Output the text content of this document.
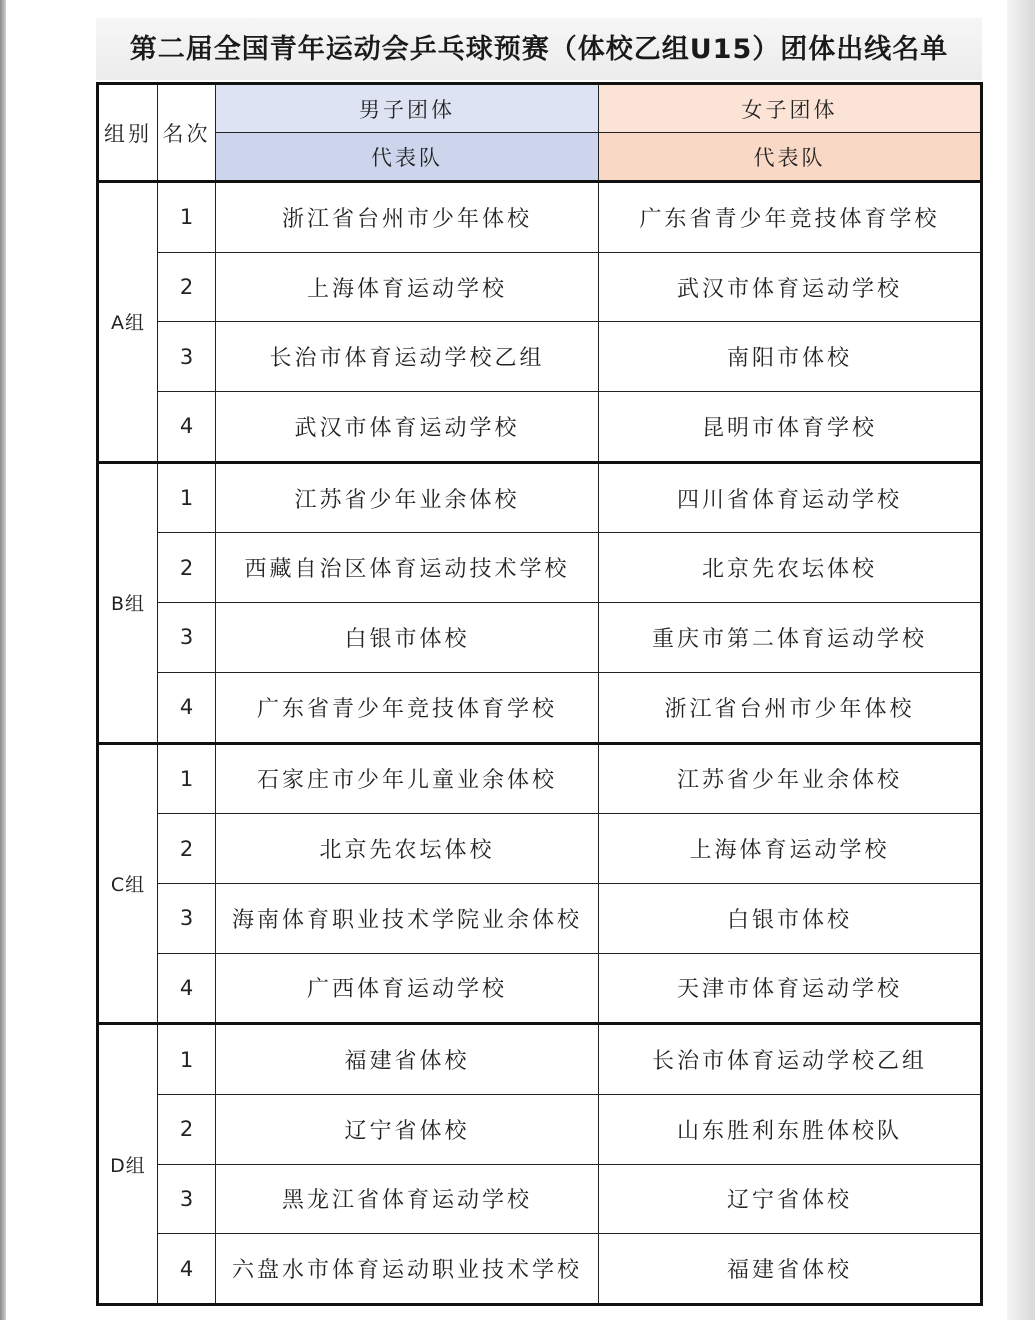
第二届全国青年运动会乒乓球预赛（体校乙组U15）团体出线名单
组别	名次	男子团体	女子团体
		代表队	代表队
A组	1	浙江省台州市少年体校	广东省青少年竞技体育学校
	2	上海体育运动学校	武汉市体育运动学校
	3	长治市体育运动学校乙组	南阳市体校
	4	武汉市体育运动学校	昆明市体育学校
B组	1	江苏省少年业余体校	四川省体育运动学校
	2	西藏自治区体育运动技术学校	北京先农坛体校
	3	白银市体校	重庆市第二体育运动学校
	4	广东省青少年竞技体育学校	浙江省台州市少年体校
C组	1	石家庄市少年儿童业余体校	江苏省少年业余体校
	2	北京先农坛体校	上海体育运动学校
	3	海南体育职业技术学院业余体校	白银市体校
	4	广西体育运动学校	天津市体育运动学校
D组	1	福建省体校	长治市体育运动学校乙组
	2	辽宁省体校	山东胜利东胜体校队
	3	黑龙江省体育运动学校	辽宁省体校
	4	六盘水市体育运动职业技术学校	福建省体校
